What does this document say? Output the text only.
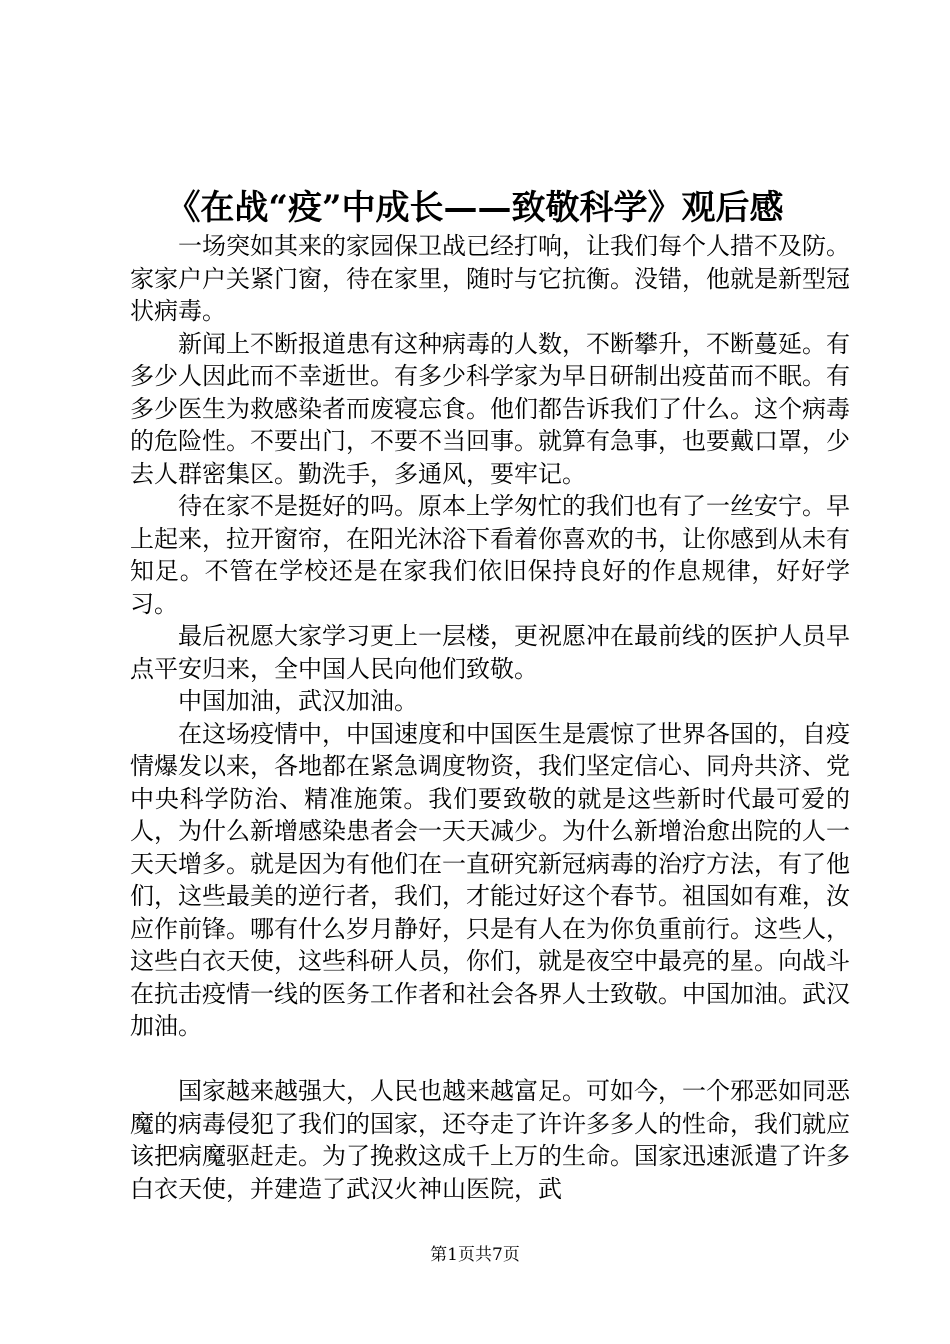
《在战“疫”中成长——致敬科学》观后感

一场突如其来的家园保卫战已经打响，让我们每个人措不及防。家家户户关紧门窗，待在家里，随时与它抗衡。没错，他就是新型冠状病毒。

新闻上不断报道患有这种病毒的人数，不断攀升，不断蔓延。有多少人因此而不幸逝世。有多少科学家为早日研制出疫苗而不眠。有多少医生为救感染者而废寝忘食。他们都告诉我们了什么。这个病毒的危险性。不要出门，不要不当回事。就算有急事，也要戴口罩，少去人群密集区。勤洗手，多通风，要牢记。

待在家不是挺好的吗。原本上学匆忙的我们也有了一丝安宁。早上起来，拉开窗帘，在阳光沐浴下看着你喜欢的书，让你感到从未有知足。不管在学校还是在家我们依旧保持良好的作息规律，好好学习。

最后祝愿大家学习更上一层楼，更祝愿冲在最前线的医护人员早点平安归来，全中国人民向他们致敬。

中国加油，武汉加油。

在这场疫情中，中国速度和中国医生是震惊了世界各国的，自疫情爆发以来，各地都在紧急调度物资，我们坚定信心、同舟共济、党中央科学防治、精准施策。我们要致敬的就是这些新时代最可爱的人，为什么新增感染患者会一天天减少。为什么新增治愈出院的人一天天增多。就是因为有他们在一直研究新冠病毒的治疗方法，有了他们，这些最美的逆行者，我们，才能过好这个春节。祖国如有难，汝应作前锋。哪有什么岁月静好，只是有人在为你负重前行。这些人，这些白衣天使，这些科研人员，你们，就是夜空中最亮的星。向战斗在抗击疫情一线的医务工作者和社会各界人士致敬。中国加油。武汉加油。

国家越来越强大，人民也越来越富足。可如今，一个邪恶如同恶魔的病毒侵犯了我们的国家，还夺走了许许多多人的性命，我们就应该把病魔驱赶走。为了挽救这成千上万的生命。国家迅速派遣了许多白衣天使，并建造了武汉火神山医院，武

第1页共7页
